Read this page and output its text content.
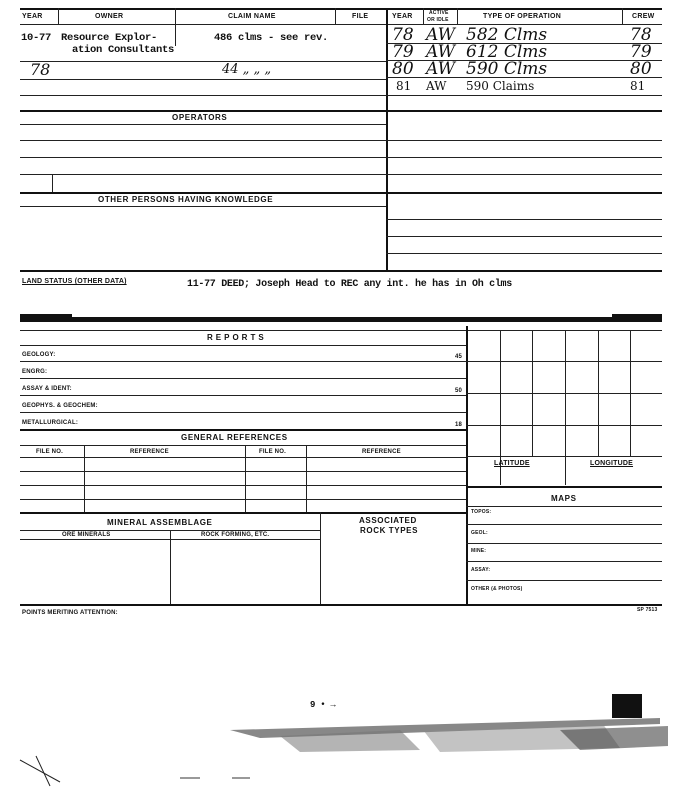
YEAR	OWNER	CLAIM NAME	FILE	YEAR	ACTIVE
OR IDLE	TYPE OF OPERATION	CREW
10-77 Resource Explor-	486 clms - see rev.
ation Consultants
78	44 „ „ „
78 AW 582 Clms	78
79 AW 612 Clms	79
80 AW 590 Clms	80
81 AW 590 Claims	81
OPERATORS
OTHER PERSONS HAVING KNOWLEDGE
LAND STATUS (OTHER DATA)	11-77 DEED; Joseph Head to REC any int. he has in Oh clms
REPORTS
GEOLOGY:	45
ENGRG:
ASSAY & IDENT:	50
GEOPHYS. & GEOCHEM:
METALLURGICAL:	18
GENERAL REFERENCES
FILE NO.	REFERENCE	FILE NO.	REFERENCE
MINERAL ASSEMBLAGE	ASSOCIATED
ROCK TYPES
ORE MINERALS	ROCK FORMING, ETC.
LATITUDE	LONGITUDE
MAPS
TOPOS:
GEOL:
MINE:
ASSAY:
OTHER (& PHOTOS)
POINTS MERITING ATTENTION:	SP 7513
9 • →
